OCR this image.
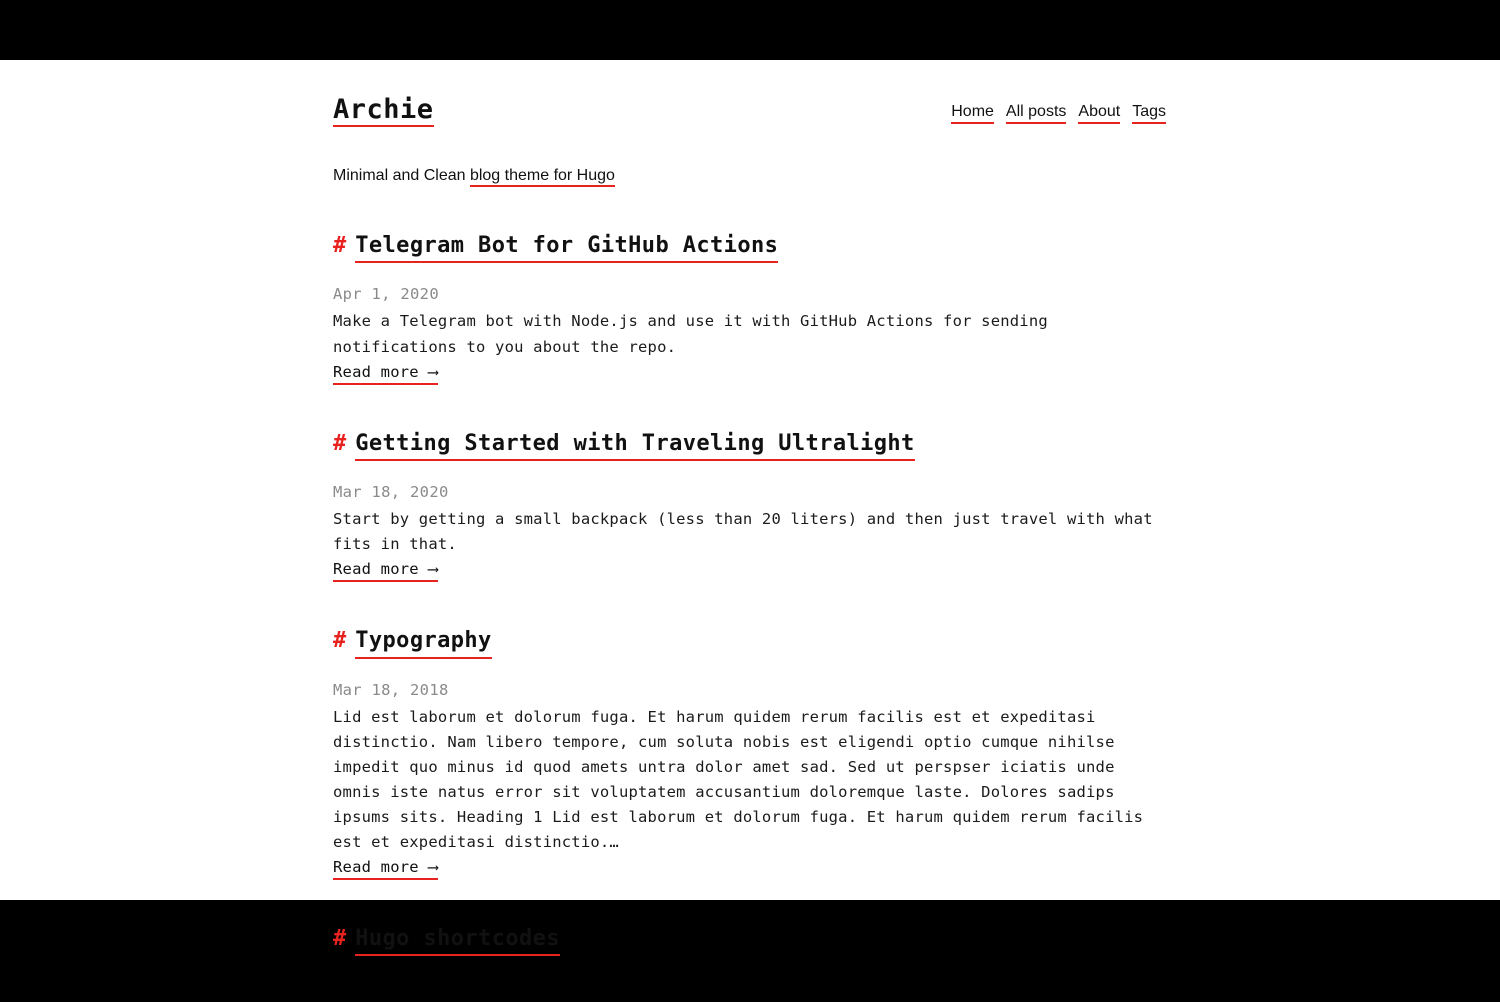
Archie	Home All posts About Tags
Minimal and Clean blog theme for Hugo
# Telegram Bot for GitHub Actions
Apr 1, 2020

Make a Telegram bot with Node.js and use it with GitHub Actions for sending notifications to you about the repo.

Read more ⟶
# Getting Started with Traveling Ultralight
Mar 18, 2020

Start by getting a small backpack (less than 20 liters) and then just travel with what fits in that.

Read more ⟶
# Typography
Mar 18, 2018

Lid est laborum et dolorum fuga. Et harum quidem rerum facilis est et expeditasi distinctio. Nam libero tempore, cum soluta nobis est eligendi optio cumque nihilse impedit quo minus id quod amets untra dolor amet sad. Sed ut perspser iciatis unde omnis iste natus error sit voluptatem accusantium doloremque laste. Dolores sadips ipsums sits. Heading 1 Lid est laborum et dolorum fuga. Et harum quidem rerum facilis est et expeditasi distinctio.…

Read more ⟶
# Hugo shortcodes
